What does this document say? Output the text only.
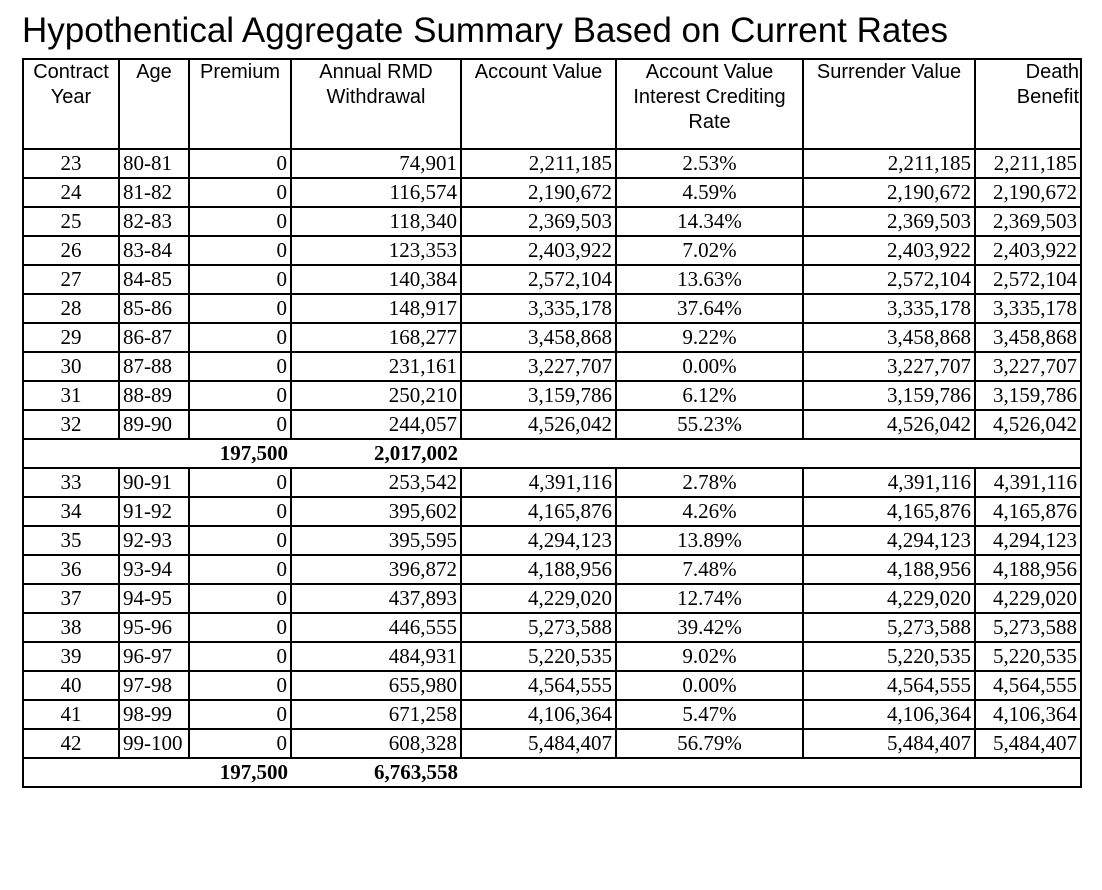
Hypothentical Aggregate Summary Based on Current Rates
Contract Year	Age	Premium	Annual RMD Withdrawal	Account Value	Account Value Interest Crediting Rate	Surrender Value	Death Benefit
23	80-81	0	74,901	2,211,185	2.53%	2,211,185	2,211,185
24	81-82	0	116,574	2,190,672	4.59%	2,190,672	2,190,672
25	82-83	0	118,340	2,369,503	14.34%	2,369,503	2,369,503
26	83-84	0	123,353	2,403,922	7.02%	2,403,922	2,403,922
27	84-85	0	140,384	2,572,104	13.63%	2,572,104	2,572,104
28	85-86	0	148,917	3,335,178	37.64%	3,335,178	3,335,178
29	86-87	0	168,277	3,458,868	9.22%	3,458,868	3,458,868
30	87-88	0	231,161	3,227,707	0.00%	3,227,707	3,227,707
31	88-89	0	250,210	3,159,786	6.12%	3,159,786	3,159,786
32	89-90	0	244,057	4,526,042	55.23%	4,526,042	4,526,042
		197,500	2,017,002				
33	90-91	0	253,542	4,391,116	2.78%	4,391,116	4,391,116
34	91-92	0	395,602	4,165,876	4.26%	4,165,876	4,165,876
35	92-93	0	395,595	4,294,123	13.89%	4,294,123	4,294,123
36	93-94	0	396,872	4,188,956	7.48%	4,188,956	4,188,956
37	94-95	0	437,893	4,229,020	12.74%	4,229,020	4,229,020
38	95-96	0	446,555	5,273,588	39.42%	5,273,588	5,273,588
39	96-97	0	484,931	5,220,535	9.02%	5,220,535	5,220,535
40	97-98	0	655,980	4,564,555	0.00%	4,564,555	4,564,555
41	98-99	0	671,258	4,106,364	5.47%	4,106,364	4,106,364
42	99-100	0	608,328	5,484,407	56.79%	5,484,407	5,484,407
		197,500	6,763,558				
